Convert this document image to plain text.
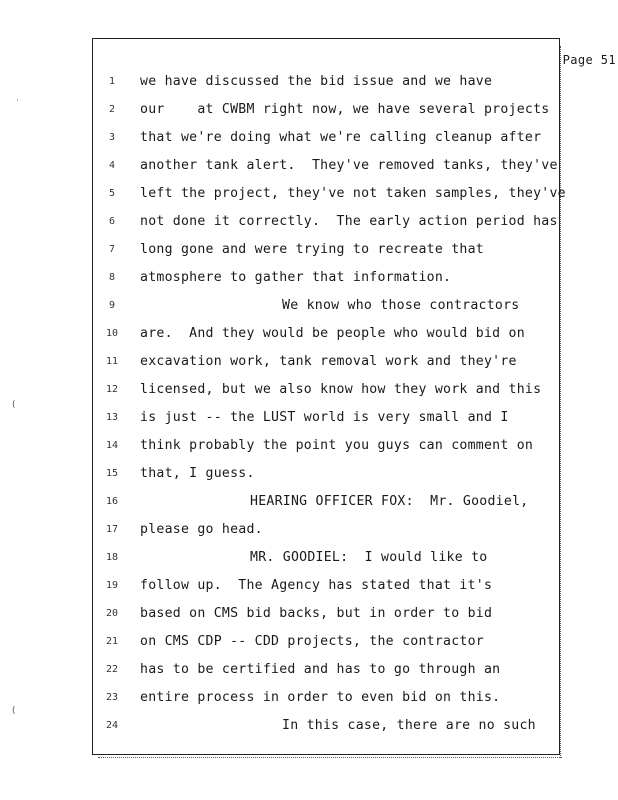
Page 51
1	we have discussed the bid issue and we have
2	our    at CWBM right now, we have several projects
3	that we're doing what we're calling cleanup after
4	another tank alert.  They've removed tanks, they've
5	left the project, they've not taken samples, they've
6	not done it correctly.  The early action period has
7	long gone and were trying to recreate that
8	atmosphere to gather that information.
9	We know who those contractors
10	are.  And they would be people who would bid on
11	excavation work, tank removal work and they're
12	licensed, but we also know how they work and this
13	is just -- the LUST world is very small and I
14	think probably the point you guys can comment on
15	that, I guess.
16	HEARING OFFICER FOX:  Mr. Goodiel,
17	please go head.
18	MR. GOODIEL:  I would like to
19	follow up.  The Agency has stated that it's
20	based on CMS bid backs, but in order to bid
21	on CMS CDP -- CDD projects, the contractor
22	has to be certified and has to go through an
23	entire process in order to even bid on this.
24	In this case, there are no such
·
(
(
